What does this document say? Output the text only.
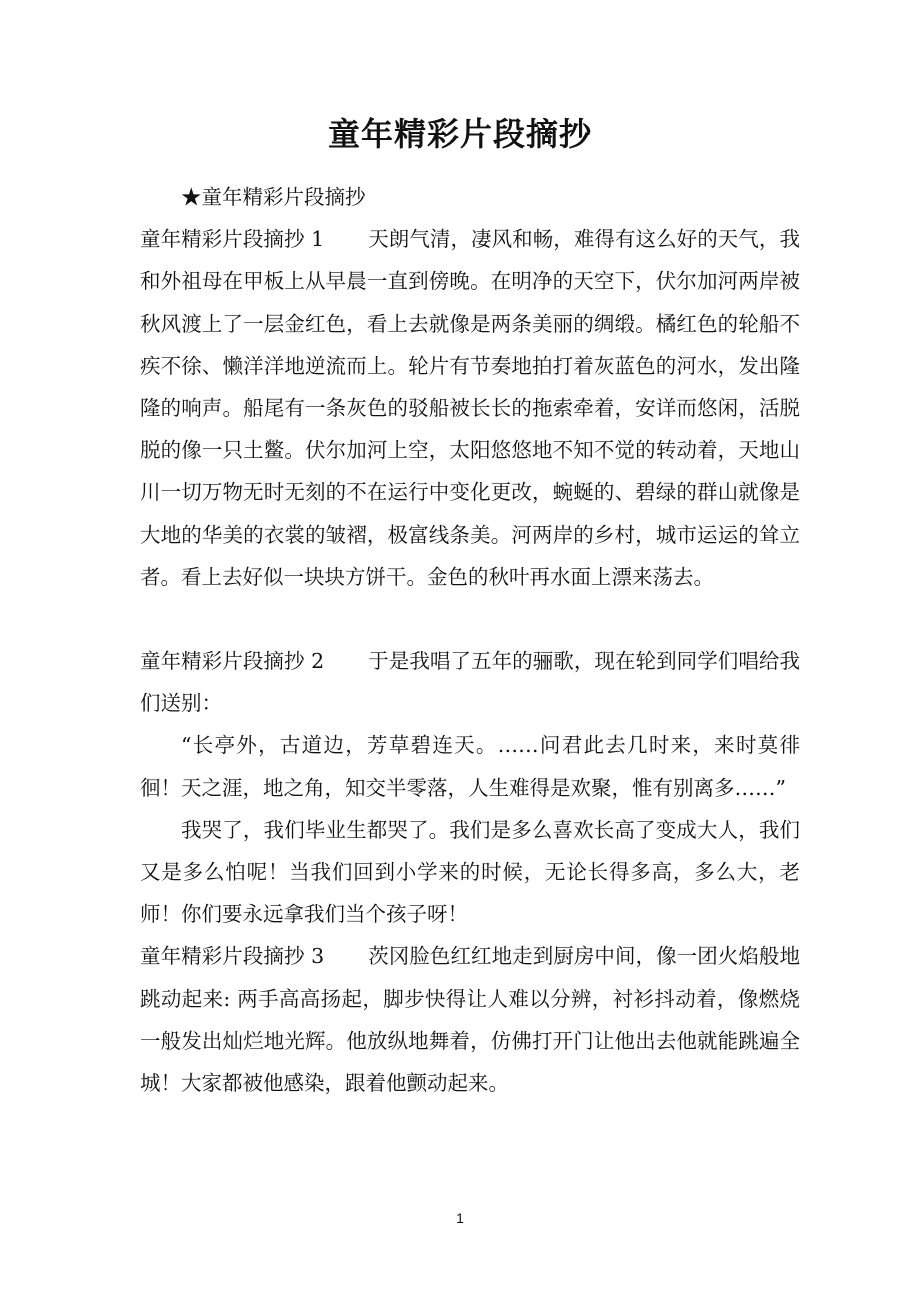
童年精彩片段摘抄

★童年精彩片段摘抄

童年精彩片段摘抄 1 天朗气清，凄风和畅，难得有这么好的天气，我和外祖母在甲板上从早晨一直到傍晚。在明净的天空下，伏尔加河两岸被秋风渡上了一层金红色，看上去就像是两条美丽的绸缎。橘红色的轮船不疾不徐、懒洋洋地逆流而上。轮片有节奏地拍打着灰蓝色的河水，发出隆隆的响声。船尾有一条灰色的驳船被长长的拖索牵着，安详而悠闲，活脱脱的像一只土鳖。伏尔加河上空，太阳悠悠地不知不觉的转动着，天地山川一切万物无时无刻的不在运行中变化更改，蜿蜒的、碧绿的群山就像是大地的华美的衣裳的皱褶，极富线条美。河两岸的乡村，城市运运的耸立者。看上去好似一块块方饼干。金色的秋叶再水面上漂来荡去。

童年精彩片段摘抄 2 于是我唱了五年的骊歌，现在轮到同学们唱给我们送别：

“长亭外，古道边，芳草碧连天。……问君此去几时来，来时莫徘徊！天之涯，地之角，知交半零落，人生难得是欢聚，惟有别离多……”

我哭了，我们毕业生都哭了。我们是多么喜欢长高了变成大人，我们又是多么怕呢！当我们回到小学来的时候，无论长得多高，多么大，老师！你们要永远拿我们当个孩子呀！

童年精彩片段摘抄 3 茨冈脸色红红地走到厨房中间，像一团火焰般地跳动起来: 两手高高扬起，脚步快得让人难以分辨，衬衫抖动着，像燃烧一般发出灿烂地光辉。他放纵地舞着，仿佛打开门让他出去他就能跳遍全城！大家都被他感染，跟着他颤动起来。

1
